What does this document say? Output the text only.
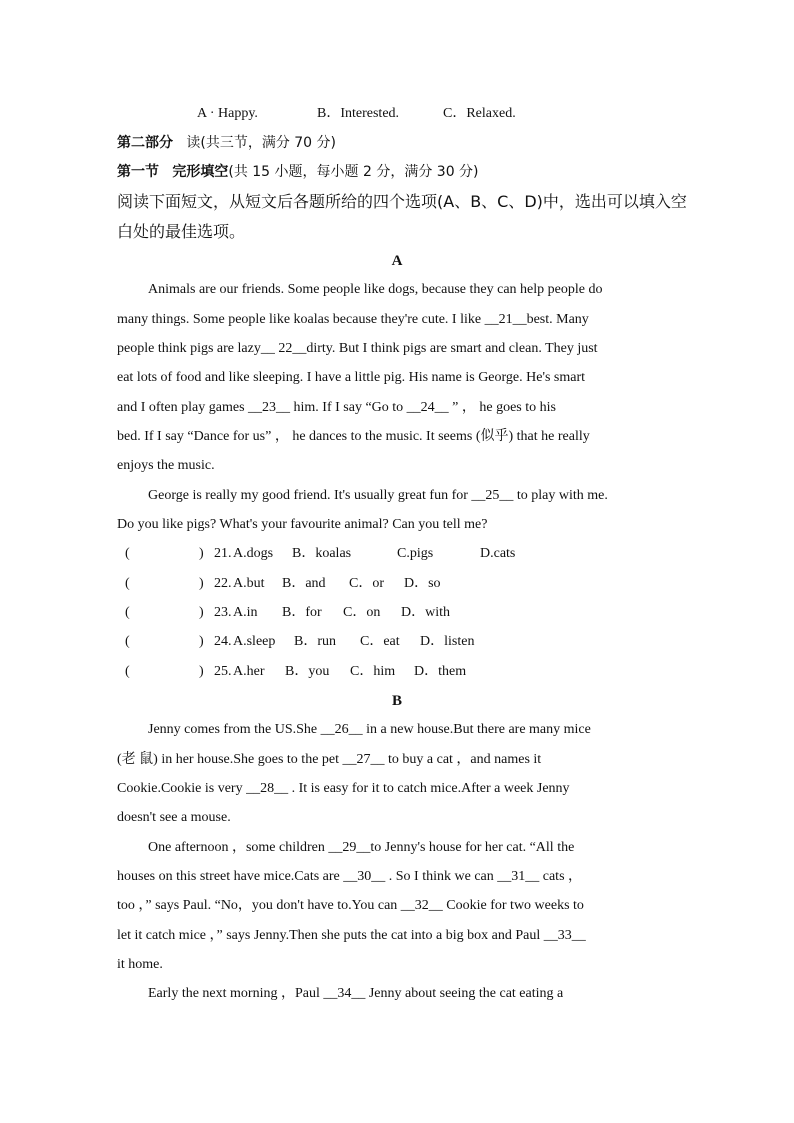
A · Happy.	B．Interested.	C．Relaxed.
第二部分 读(共三节，满分 70 分)
第一节 完形填空(共 15 小题，每小题 2 分，满分 30 分)
阅读下面短文，从短文后各题所给的四个选项(A、B、C、D)中，选出可以填入空
白处的最佳选项。
A
Animals are our friends. Some people like dogs, because they can help people do
many things. Some people like koalas because they're cute. I like __21__best. Many
people think pigs are lazy__ 22__dirty. But I think pigs are smart and clean. They just
eat lots of food and like sleeping. I have a little pig. His name is George. He's smart
and I often play games __23__ him. If I say “Go to __24__ ” ， he goes to his
bed. If I say “Dance for us” ， he dances to the music. It seems (似乎) that he really
enjoys the music.
George is really my good friend. It's usually great fun for __25__ to play with me.
Do you like pigs? What's your favourite animal? Can you tell me?
(	) 21. A.dogs B．koalas	C.pigs	D.cats
(	) 22. A.but B．and C．or D．so
(	) 23. A.in B．for C．on D．with
(	) 24. A.sleep B．run C．eat D．listen
(	) 25. A.her B．you C．him D．them
B
Jenny comes from the US.She __26__ in a new house.But there are many mice
(老 鼠) in her house.She goes to the pet __27__ to buy a cat ，and names it
Cookie.Cookie is very __28__ . It is easy for it to catch mice.After a week Jenny
doesn't see a mouse.
One afternoon ，some children __29__to Jenny's house for her cat. “All the
houses on this street have mice.Cats are __30__ . So I think we can __31__ cats ，
too ，” says Paul. “No，you don't have to.You can __32__ Cookie for two weeks to
let it catch mice ，” says Jenny.Then she puts the cat into a big box and Paul __33__
it home.
Early the next morning ，Paul __34__ Jenny about seeing the cat eating a
